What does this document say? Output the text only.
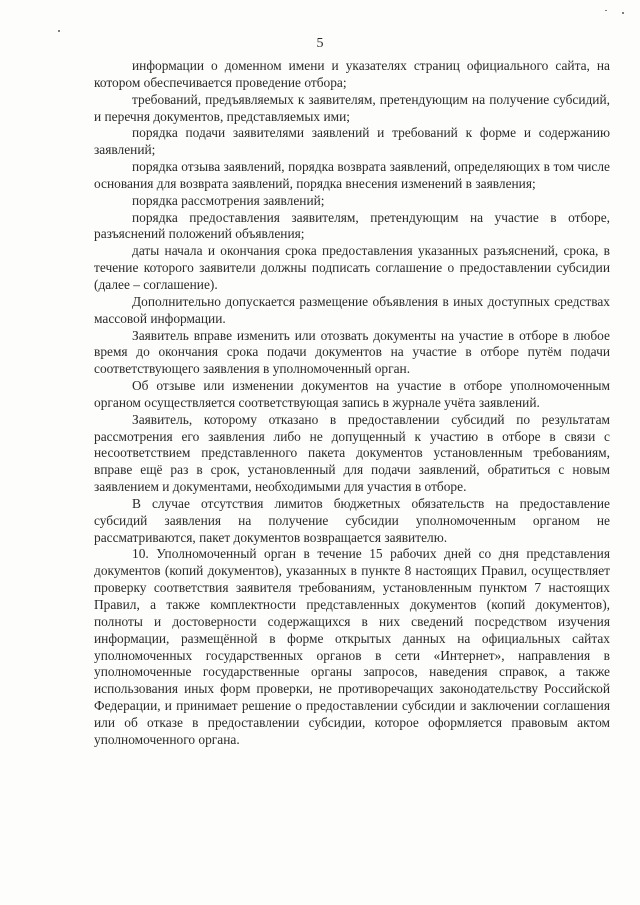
5

информации о доменном имени и указателях страниц официального сайта, на котором обеспечивается проведение отбора;

требований, предъявляемых к заявителям, претендующим на получение субсидий, и перечня документов, представляемых ими;

порядка подачи заявителями заявлений и требований к форме и содержанию заявлений;

порядка отзыва заявлений, порядка возврата заявлений, определяющих в том числе основания для возврата заявлений, порядка внесения изменений в заявления;

порядка рассмотрения заявлений;

порядка предоставления заявителям, претендующим на участие в отборе, разъяснений положений объявления;

даты начала и окончания срока предоставления указанных разъяснений, срока, в течение которого заявители должны подписать соглашение о предоставлении субсидии (далее – соглашение).

Дополнительно допускается размещение объявления в иных доступных средствах массовой информации.

Заявитель вправе изменить или отозвать документы на участие в отборе в любое время до окончания срока подачи документов на участие в отборе путём подачи соответствующего заявления в уполномоченный орган.

Об отзыве или изменении документов на участие в отборе уполномоченным органом осуществляется соответствующая запись в журнале учёта заявлений.

Заявитель, которому отказано в предоставлении субсидий по результатам рассмотрения его заявления либо не допущенный к участию в отборе в связи с несоответствием представленного пакета документов установленным требованиям, вправе ещё раз в срок, установленный для подачи заявлений, обратиться с новым заявлением и документами, необходимыми для участия в отборе.

В случае отсутствия лимитов бюджетных обязательств на предоставление субсидий заявления на получение субсидии уполномоченным органом не рассматриваются, пакет документов возвращается заявителю.

10. Уполномоченный орган в течение 15 рабочих дней со дня представления документов (копий документов), указанных в пункте 8 настоящих Правил, осуществляет проверку соответствия заявителя требованиям, установленным пунктом 7 настоящих Правил, а также комплектности представленных документов (копий документов), полноты и достоверности содержащихся в них сведений посредством изучения информации, размещённой в форме открытых данных на официальных сайтах уполномоченных государственных органов в сети «Интернет», направления в уполномоченные государственные органы запросов, наведения справок, а также использования иных форм проверки, не противоречащих законодательству Российской Федерации, и принимает решение о предоставлении субсидии и заключении соглашения или об отказе в предоставлении субсидии, которое оформляется правовым актом уполномоченного органа.
